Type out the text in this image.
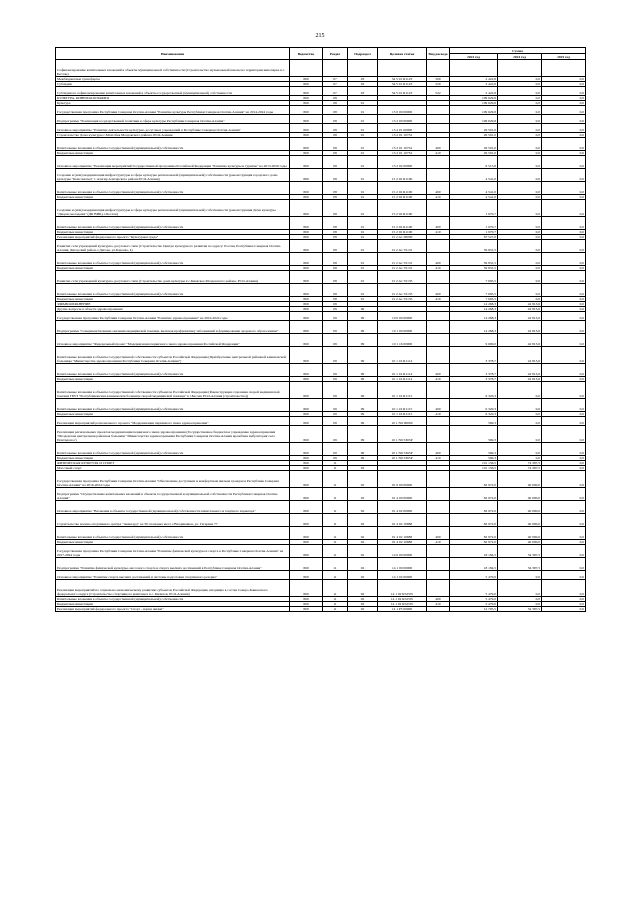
215
Наименование	Ведомство	Раздел	Подраздел	Целевая статья	Вид расхода	Сумма		
						2023 год	2024 год	2025 год
Софинансирование капитальных вложений в объекты муниципальной собственности (Строительство музыкальной школы на территории кинопарка в г. Беслан)								
Межбюджетные трансферты	869	07	03	34 5 01 R1123	500	2 422,8	0,0	0,0
Субсидии	869	07	03	34 5 01 R1123	520	2 422,8	0,0	0,0
Субсидии на софинансирование капитальных вложений в объекты государственной (муниципальной) собственности	869	07	03	34 5 01 R1123	522	2 422,8	0,0	0,0
КУЛЬТУРА, КИНЕМАТОГРАФИЯ	869	08				109 629,8	0,0	0,0
Культура	869	08	01			109 629,8	0,0	0,0
Государственная программа Республики Северная Осетия-Алания "Развитие культуры Республики Северная Осетия-Алания" на 2014-2024 годы	869	08	01	15 0 00 00000		109 629,8	0,0	0,0
Подпрограмма "Реализация государственной политики в сфере культуры Республики Северная Осетия-Алания"	869	08	01	15 2 00 00000		109 629,8	0,0	0,0
Основное мероприятие "Развитие деятельности культурно-досуговых учреждений в Республике Северная Осетия-Алания"	869	08	01	15 2 01 00000		26 591,0	0,0	0,0
Строительство Дома культуры с.Малгобек Моздокского района, РСО-Алания	869	08	01	15 2 01 10732		26 591,0	0,0	0,0
Капитальные вложения в объекты государственной (муниципальной) собственности	869	08	01	15 2 01 10732	400	26 591,0	0,0	0,0
Бюджетные инвестиции	869	08	01	15 2 01 10732	410	26 591,0	0,0	0,0
Основное мероприятие "Реализация мероприятий Государственной программы Российской Федерации "Развитие культуры и туризма" на 2013-2020 годы	869	08	01	15 2 02 00000		6 515,8	0,0	0,0
Создание и (или) модернизация инфраструктуры в сфере культуры региональной (муниципальной) собственности (реконструкция городского дома культуры "Комсомолец" г. Алагир Алагирского района РСО-Алания)	869	08	01	15 2 02 R1100		4 541,0	0,0	0,0
Капитальные вложения в объекты государственной (муниципальной) собственности	869	08	01	15 2 02 R1100	400	4 541,0	0,0	0,0
Бюджетные инвестиции	869	08	01	15 2 02 R1100	410	4 541,0	0,0	0,0
Создание и (или) модернизация инфраструктуры в сфере культуры региональной (муниципальной) собственности (реконструкция Дома культуры "Дворец молодежи" (ДК ВИК), г.Беслан)	869	08	01	15 2 02 R1100		1 970,7	0,0	0,0
Капитальные вложения в объекты государственной (муниципальной) собственности	869	08	01	15 2 02 R1100	400	1 970,7	0,0	0,0
Бюджетные инвестиции	869	08	01	15 2 02 R1100	410	1 970,7	0,0	0,0
Реализация мероприятий федерального проекта "Культурная среда"	869	08	01	15 2 A1 00000		67 527,0	0,0	0,0
Развитие сети учреждений культурно-досугового типа (Строительство Центра культурного развития по адресу: Россия, Республика Северная Осетия-Алания, Дигорский район, г.Дигора, ул.Бароева, 4)	869	08	01	15 2 A1 55131		59 831,5	0,0	0,0
Капитальные вложения в объекты государственной (муниципальной) собственности	869	08	01	15 2 A1 55131	400	59 831,5	0,0	0,0
Бюджетные инвестиции	869	08	01	15 2 A1 55131	410	59 831,5	0,0	0,0
Развитие сети учреждений культурно-досугового типа (Строительство дома культуры в с.Киевское Моздокского района, РСО-Алания)	869	08	01	15 2 A1 55135		7 695,5	0,0	0,0
Капитальные вложения в объекты государственной (муниципальной) собственности	869	08	01	15 2 A1 55135	400	7 695,5	0,0	0,0
Бюджетные инвестиции	869	08	01	15 2 A1 55135	410	7 695,5	0,0	0,0
ЗДРАВООХРАНЕНИЕ	869	09				14 268,3	42 813,6	0,0
Другие вопросы в области здравоохранения	869	09	09			14 268,3	42 813,6	0,0
Государственная программа Республики Северная Осетия-Алания "Развитие здравоохранения" на 2019-2024 годы	869	09	09	10 0 00 00000		14 268,3	42 813,6	0,0
Подпрограмма "Совершенствование оказания медицинской помощи, включая профилактику заболеваний и формирование здорового образа жизни"	869	09	09	10 1 00 00000		14 268,3	42 813,6	0,0
Основное мероприятие "Федеральный проект "Модернизация первичного звена здравоохранения Российской Федерации"	869	09	09	10 1 16 00000		9 699,0	42 813,6	0,0
Капитальные вложения в объекты государственной собственности субъектов Российской Федерации (Приобретение центральной районной клинической больницы "Министерства здравоохранения Республики Северная Осетия-Алания")	869	09	09	10 1 16 R1114		3 378,7	42 813,6	0,0
Капитальные вложения в объекты государственной (муниципальной) собственности	869	09	09	10 1 16 R1114	400	3 378,7	42 813,6	0,0
Бюджетные инвестиции	869	09	09	10 1 16 R1114	410	3 378,7	42 813,6	0,0
Капитальные вложения в объекты государственной собственности субъектов Российской Федерации (Реконструкция отделения скорой медицинской помощи ГБУЗ "Республиканская клиническая больница скорой медицинской помощи" в г.Беслан РСО-Алания (строительство))	869	09	09	10 1 16 R1115		6 320,3	0,0	0,0
Капитальные вложения в объекты государственной (муниципальной) собственности	869	09	09	10 1 16 R1115	400	6 320,3	0,0	0,0
Бюджетные инвестиции	869	09	09	10 1 16 R1115	410	6 320,3	0,0	0,0
Реализация мероприятий регионального проекта "Модернизация первичного звена здравоохранения"	869	09	09	10 1 N9 00000		569,3	0,0	0,0
Реализация региональных проектов модернизации первичного звена здравоохранения (Государственное бюджетное учреждение здравоохранения "Моздокская центральная районная больница" Министерства здравоохранения Республики Северная Осетия-Алания врачебная амбулатория села Понтидонос)	869	09	09	10 1 N9 5365P		569,3	0,0	0,0
Капитальные вложения в объекты государственной (муниципальной) собственности	869	09	09	10 1 N9 5365P	400	569,3	0,0	0,0
Бюджетные инвестиции	869	09	09	10 1 N9 5365P	410	569,3	0,0	0,0
ФИЗИЧЕСКАЯ КУЛЬТУРА И СПОРТ	869	11				101 156,5	74 387,5	0,0
Массовый спорт	869	11	02			101 156,5	74 387,5	0,0
Государственная программа Республики Северная Осетия-Алания "Обеспечение доступным и комфортным жильем граждан в Республике Северная Осетия-Алания" на 2016-2024 годы	869	11	02	01 0 00 00000		82 972,0	40 000,0	0,0
Подпрограмма "Осуществление капитальных вложений в объекты государственной и муниципальной собственности Республики Северная Осетия-Алания"	869	11	02	01 4 00 00000		82 972,0	40 000,0	0,0
Основное мероприятие "Вложения в объекты государственной (муниципальной) собственности капитального и текущего характера"	869	11	02	01 4 02 00000		82 972,0	40 000,0	0,0
Строительство военно-спортивного центра "Авангард" на 30 спальных мест, г.Владикавказ, ул. Гагарина 77	869	11	02	01 4 02 10688		82 972,0	40 000,0	0,0
Капитальные вложения в объекты государственной (муниципальной) собственности	869	11	02	01 4 02 10688	400	82 972,0	40 000,0	0,0
Бюджетные инвестиции	869	11	02	01 4 02 10688	410	82 972,0	40 000,0	0,0
Государственная программа Республики Северная Осетия-Алания "Развитие физической культуры и спорта в Республике Северная Осетия-Алания" на 2017-2024 годы	869	11	02	14 0 00 00000		18 184,5	34 387,5	0,0
Подпрограмма "Развитие физической культуры, массового спорта и спорта высших достижений в Республике Северная Осетия-Алания"	869	11	02	14 1 00 00000		18 184,5	34 387,5	0,0
Основное мероприятие "Развитие спорта высших достижений и системы подготовки спортивного резерва"	869	11	02	14 1 02 00000		5 479,0	0,0	0,0
Реализация мероприятий по социально-экономическому развитию субъектов Российской Федерации, входящих в состав Северо-Кавказского федерального округа (Строительство спортивного комплекса в с. Кизилов, РСО-Алания)	869	11	02	14 1 02 R525W		5 479,0	0,0	0,0
Капитальные вложения в объекты государственной (муниципальной) собственности	869	11	02	14 1 02 R525W	400	5 479,0	0,0	0,0
Бюджетные инвестиции	869	11	02	14 1 02 R525W	410	5 479,0	0,0	0,0
Реализация мероприятий федерального проекта "Спорт - норма жизни"	869	11	02	14 1 P5 00000		12 705,5	34 387,5	0,0
